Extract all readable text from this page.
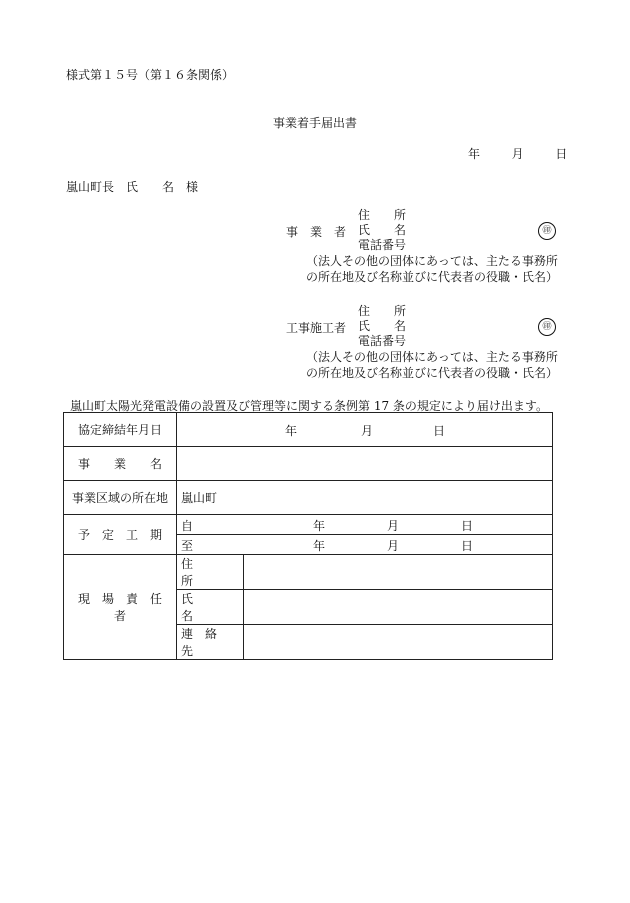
様式第１５号（第１６条関係）
事業着手届出書
年	月	日
嵐山町長　氏　　名　様
事　業　者
住　　所
氏　　名
電話番号
㊞
（法人その他の団体にあっては、主たる事務所
の所在地及び名称並びに代表者の役職・氏名）
工事施工者
住　　所
氏　　名
電話番号
㊞
（法人その他の団体にあっては、主たる事務所
の所在地及び名称並びに代表者の役職・氏名）
嵐山町太陽光発電設備の設置及び管理等に関する条例第 17 条の規定により届け出ます。
協定締結年月日	年 月 日	

事　　業　　名		
事業区域の所在地	嵐山町	
予　定　工　期	自 年 月 日	

	至 年 月 日	

現　場　責　任　者	住　　　所	
	氏　　　名	
	連　絡　先	
